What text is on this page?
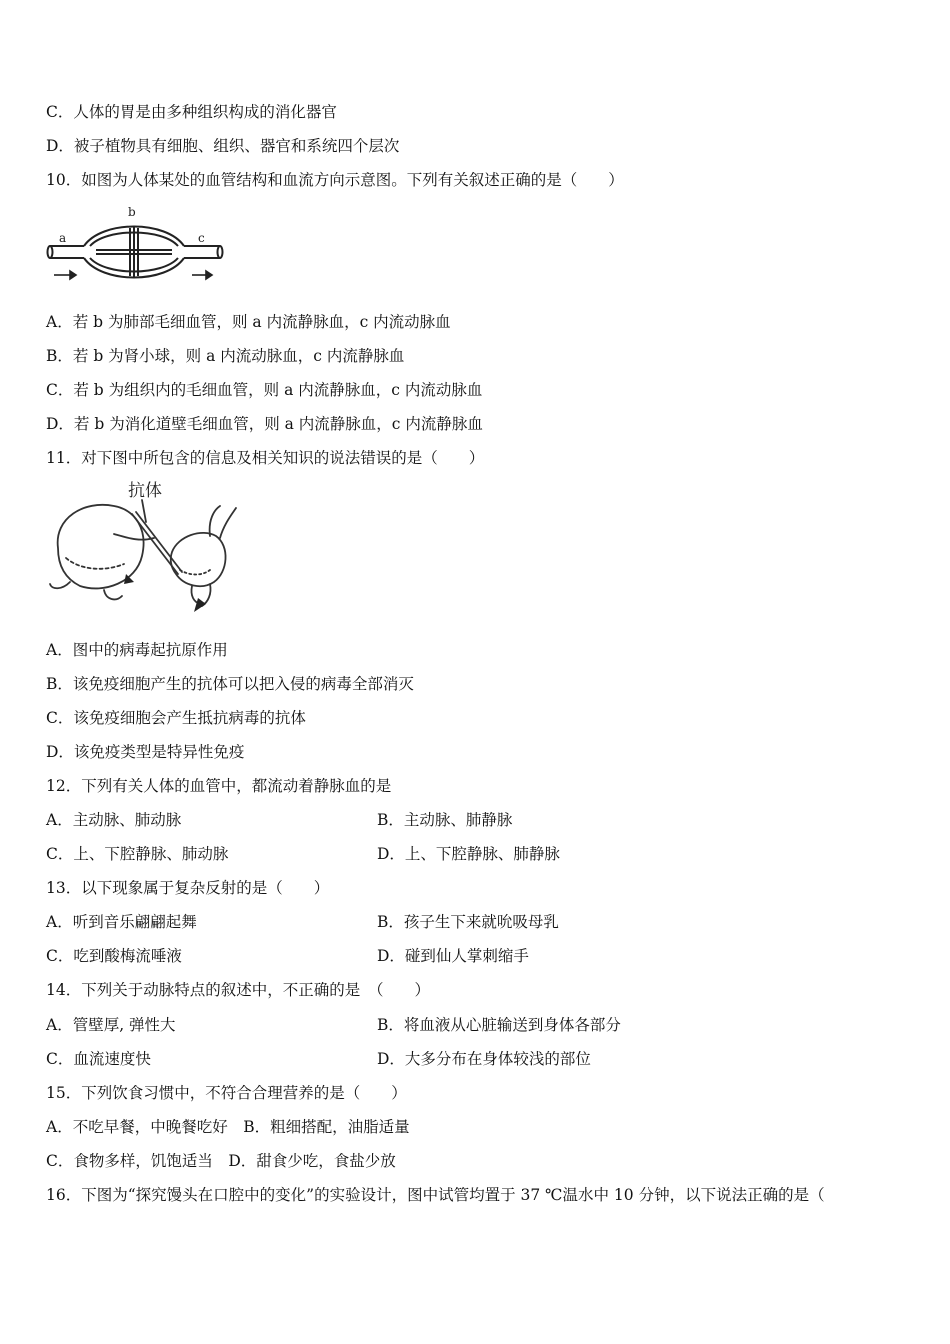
C．人体的胃是由多种组织构成的消化器官
D．被子植物具有细胞、组织、器官和系统四个层次
10．如图为人体某处的血管结构和血流方向示意图。下列有关叙述正确的是（　　）
a
b
c
A．若 b 为肺部毛细血管，则 a 内流静脉血，c 内流动脉血
B．若 b 为肾小球，则 a 内流动脉血，c 内流静脉血
C．若 b 为组织内的毛细血管，则 a 内流静脉血，c 内流动脉血
D．若 b 为消化道壁毛细血管，则 a 内流静脉血，c 内流静脉血
11．对下图中所包含的信息及相关知识的说法错误的是（　　）
抗体
A．图中的病毒起抗原作用
B．该免疫细胞产生的抗体可以把入侵的病毒全部消灭
C．该免疫细胞会产生抵抗病毒的抗体
D．该免疫类型是特异性免疫
12．下列有关人体的血管中，都流动着静脉血的是
A．主动脉、肺动脉	B．主动脉、肺静脉
C．上、下腔静脉、肺动脉	D．上、下腔静脉、肺静脉
13．以下现象属于复杂反射的是（　　）
A．听到音乐翩翩起舞	B．孩子生下来就吮吸母乳
C．吃到酸梅流唾液	D．碰到仙人掌刺缩手
14．下列关于动脉特点的叙述中，不正确的是　（　　）
A．管壁厚, 弹性大	B．将血液从心脏输送到身体各部分
C．血流速度快	D．大多分布在身体较浅的部位
15．下列饮食习惯中，不符合合理营养的是（　　）
A．不吃早餐，中晚餐吃好　B．粗细搭配，油脂适量
C．食物多样，饥饱适当　D．甜食少吃，食盐少放
16．下图为“探究馒头在口腔中的变化”的实验设计，图中试管均置于 37 ℃温水中 10 分钟，以下说法正确的是（
